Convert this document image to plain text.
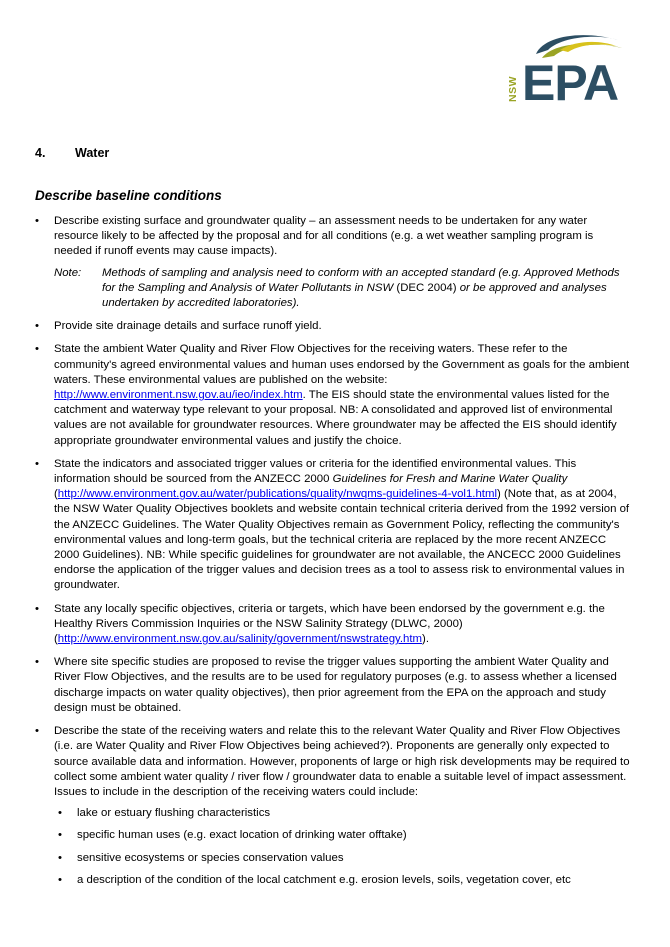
NSW EPA
4. Water
Describe baseline conditions
• Describe existing surface and groundwater quality – an assessment needs to be undertaken for any water resource likely to be affected by the proposal and for all conditions (e.g. a wet weather sampling program is needed if runoff events may cause impacts).
Note:	Methods of sampling and analysis need to conform with an accepted standard (e.g. Approved Methods for the Sampling and Analysis of Water Pollutants in NSW (DEC 2004) or be approved and analyses undertaken by accredited laboratories).
• Provide site drainage details and surface runoff yield.
• State the ambient Water Quality and River Flow Objectives for the receiving waters. These refer to the community's agreed environmental values and human uses endorsed by the Government as goals for the ambient waters. These environmental values are published on the website: http://www.environment.nsw.gov.au/ieo/index.htm. The EIS should state the environmental values listed for the catchment and waterway type relevant to your proposal. NB: A consolidated and approved list of environmental values are not available for groundwater resources. Where groundwater may be affected the EIS should identify appropriate groundwater environmental values and justify the choice.
• State the indicators and associated trigger values or criteria for the identified environmental values. This information should be sourced from the ANZECC 2000 Guidelines for Fresh and Marine Water Quality (http://www.environment.gov.au/water/publications/quality/nwqms-guidelines-4-vol1.html) (Note that, as at 2004, the NSW Water Quality Objectives booklets and website contain technical criteria derived from the 1992 version of the ANZECC Guidelines. The Water Quality Objectives remain as Government Policy, reflecting the community's environmental values and long-term goals, but the technical criteria are replaced by the more recent ANZECC 2000 Guidelines). NB: While specific guidelines for groundwater are not available, the ANCECC 2000 Guidelines endorse the application of the trigger values and decision trees as a tool to assess risk to environmental values in groundwater.
• State any locally specific objectives, criteria or targets, which have been endorsed by the government e.g. the Healthy Rivers Commission Inquiries or the NSW Salinity Strategy (DLWC, 2000) (http://www.environment.nsw.gov.au/salinity/government/nswstrategy.htm).
• Where site specific studies are proposed to revise the trigger values supporting the ambient Water Quality and River Flow Objectives, and the results are to be used for regulatory purposes (e.g. to assess whether a licensed discharge impacts on water quality objectives), then prior agreement from the EPA on the approach and study design must be obtained.
• Describe the state of the receiving waters and relate this to the relevant Water Quality and River Flow Objectives (i.e. are Water Quality and River Flow Objectives being achieved?). Proponents are generally only expected to source available data and information. However, proponents of large or high risk developments may be required to collect some ambient water quality / river flow / groundwater data to enable a suitable level of impact assessment. Issues to include in the description of the receiving waters could include:
• lake or estuary flushing characteristics
• specific human uses (e.g. exact location of drinking water offtake)
• sensitive ecosystems or species conservation values
• a description of the condition of the local catchment e.g. erosion levels, soils, vegetation cover, etc
